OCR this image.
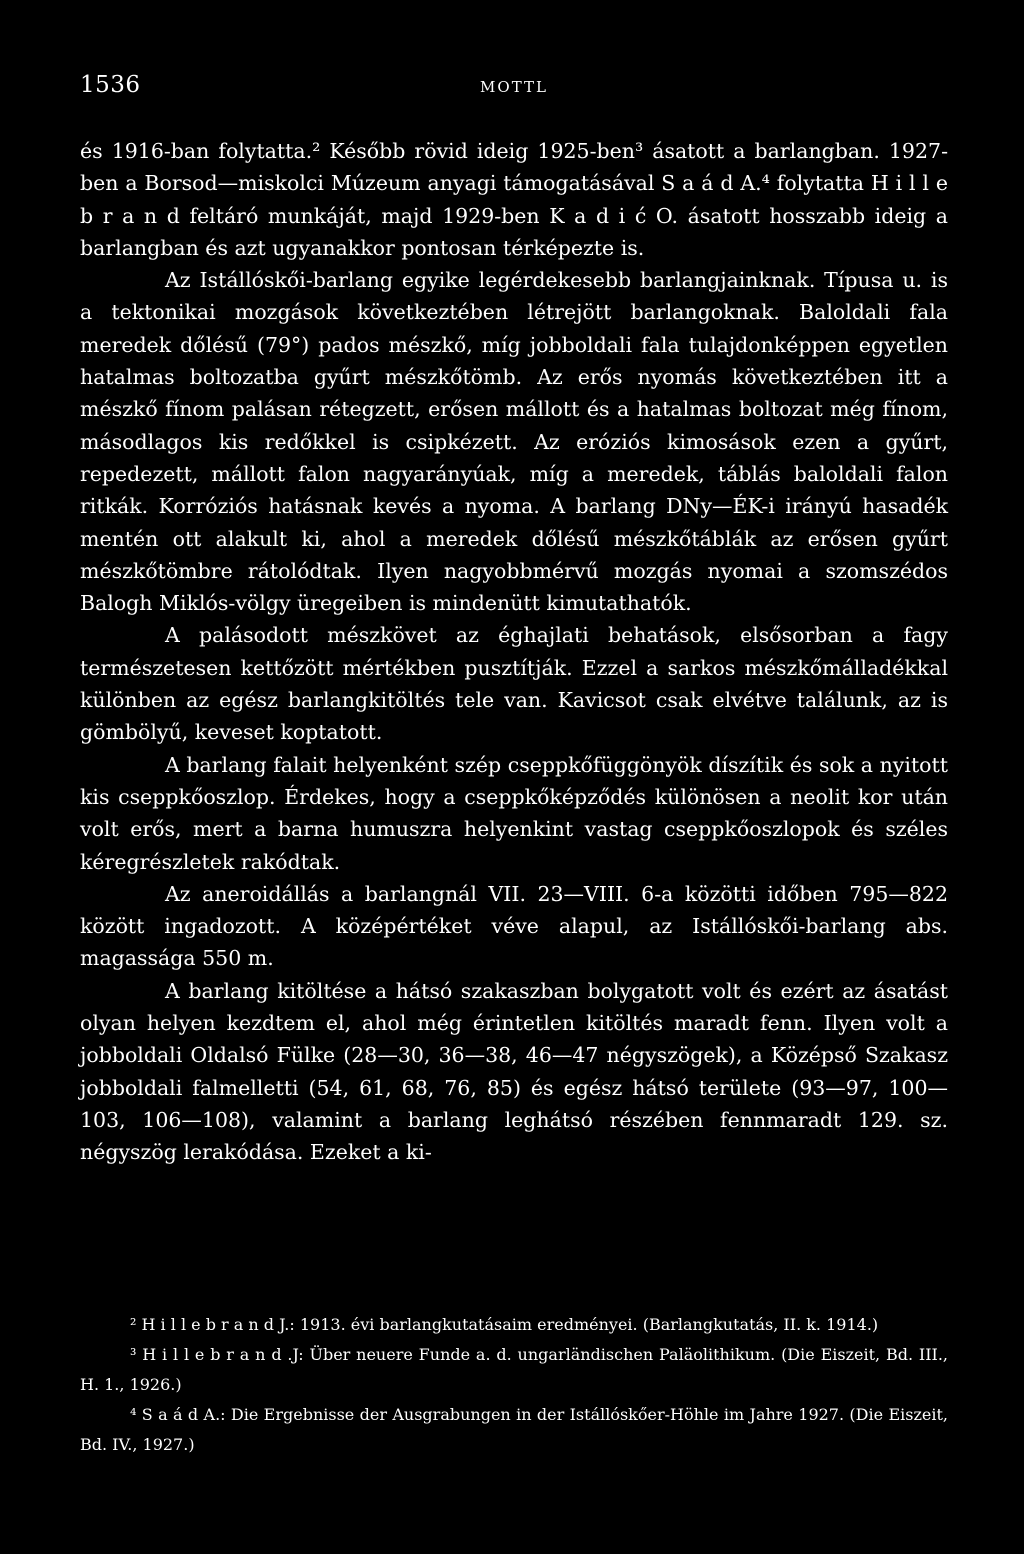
1536	MOTTL

és 1916-ban folytatta.² Később rövid ideig 1925-ben³ ásatott a barlangban. 1927-ben a Borsod—miskolci Múzeum anyagi támogatásával S a á d A.⁴ folytatta H i l l e b r a n d feltáró munkáját, majd 1929-ben K a d i ć O. ásatott hosszabb ideig a barlangban és azt ugyanakkor pontosan térképezte is.

Az Istállóskői-barlang egyike legérdekesebb barlangjainknak. Típusa u. is a tektonikai mozgások következtében létrejött barlangoknak. Baloldali fala meredek dőlésű (79°) pados mészkő, míg jobboldali fala tulajdonképpen egyetlen hatalmas boltozatba gyűrt mészkőtömb. Az erős nyomás következtében itt a mészkő fínom palásan rétegzett, erősen mállott és a hatalmas boltozat még fínom, másodlagos kis redőkkel is csipkézett. Az eróziós kimosások ezen a gyűrt, repedezett, mállott falon nagyarányúak, míg a meredek, táblás baloldali falon ritkák. Korróziós hatásnak kevés a nyoma. A barlang DNy—ÉK-i irányú hasadék mentén ott alakult ki, ahol a meredek dőlésű mészkőtáblák az erősen gyűrt mészkőtömbre rátolódtak. Ilyen nagyobbmérvű mozgás nyomai a szomszédos Balogh Miklós-völgy üregeiben is mindenütt kimutathatók.

A palásodott mészkövet az éghajlati behatások, elsősorban a fagy természetesen kettőzött mértékben pusztítják. Ezzel a sarkos mészkőmálladékkal különben az egész barlangkitöltés tele van. Kavicsot csak elvétve találunk, az is gömbölyű, keveset koptatott.

A barlang falait helyenként szép cseppkőfüggönyök díszítik és sok a nyitott kis cseppkőoszlop. Érdekes, hogy a cseppkőképződés különösen a neolit kor után volt erős, mert a barna humuszra helyenkint vastag cseppkőoszlopok és széles kéregrészletek rakódtak.

Az aneroidállás a barlangnál VII. 23—VIII. 6-a közötti időben 795—822 között ingadozott. A középértéket véve alapul, az Istállóskői-barlang abs. magassága 550 m.

A barlang kitöltése a hátsó szakaszban bolygatott volt és ezért az ásatást olyan helyen kezdtem el, ahol még érintetlen kitöltés maradt fenn. Ilyen volt a jobboldali Oldalsó Fülke (28—30, 36—38, 46—47 négyszögek), a Középső Szakasz jobboldali falmelletti (54, 61, 68, 76, 85) és egész hátsó területe (93—97, 100—103, 106—108), valamint a barlang leghátsó részében fennmaradt 129. sz. négyszög lerakódása. Ezeket a ki-

² H i l l e b r a n d J.: 1913. évi barlangkutatásaim eredményei. (Barlangkutatás, II. k. 1914.)

³ H i l l e b r a n d .J: Über neuere Funde a. d. ungarländischen Paläolithikum. (Die Eiszeit, Bd. III., H. 1., 1926.)

⁴ S a á d A.: Die Ergebnisse der Ausgrabungen in der Istállóskőer-Höhle im Jahre 1927. (Die Eiszeit, Bd. IV., 1927.)
